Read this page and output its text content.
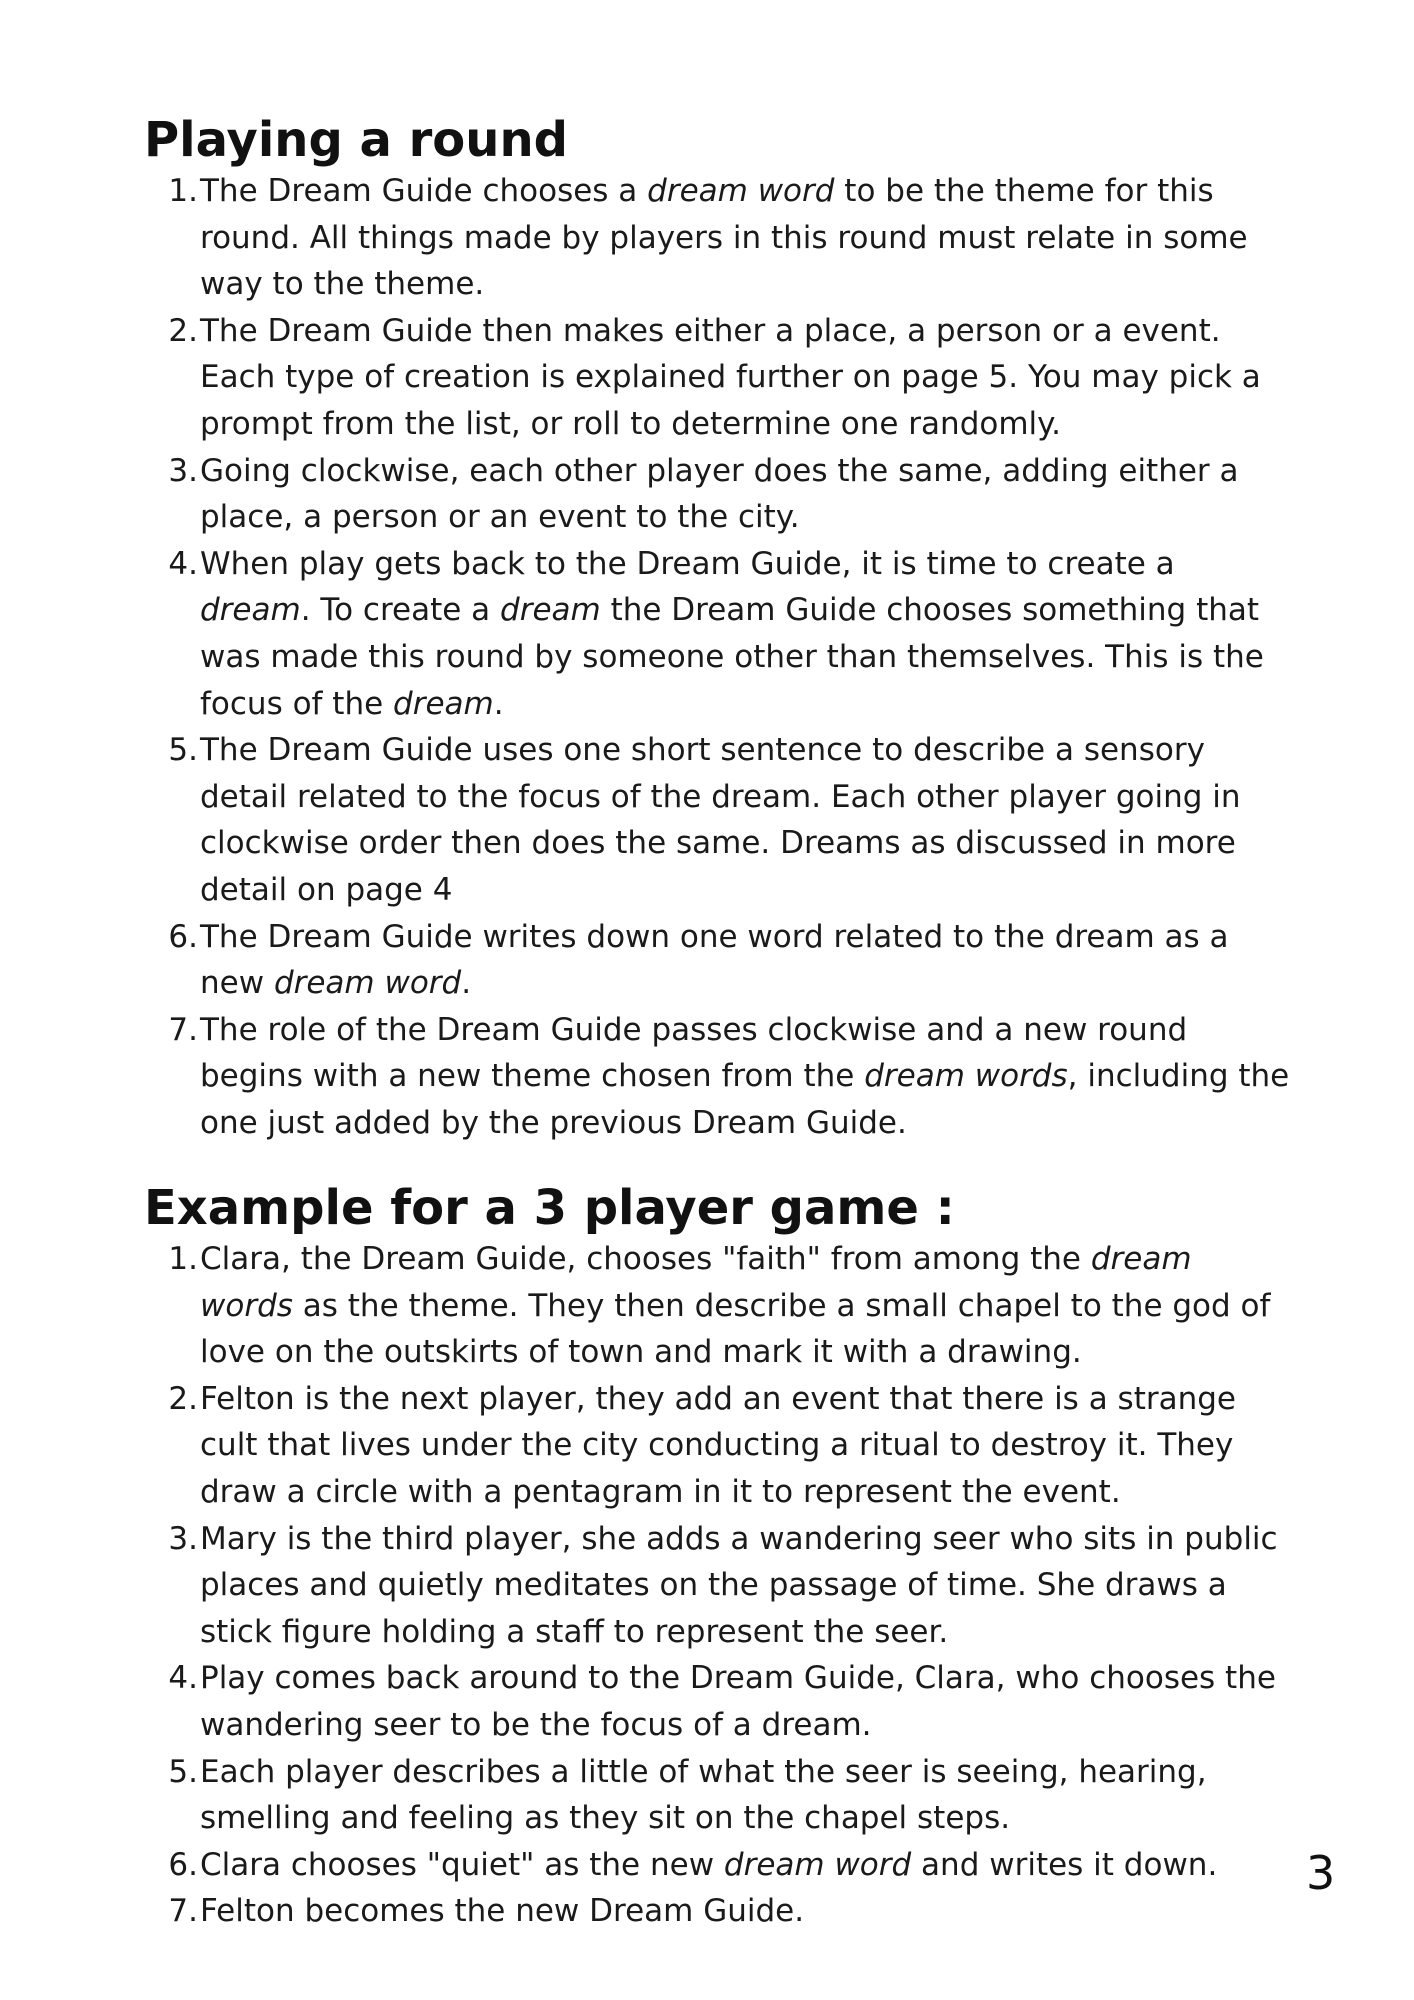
Playing a round
1. The Dream Guide chooses a dream word to be the theme for this round. All things made by players in this round must relate in some way to the theme.
2. The Dream Guide then makes either a place, a person or a event. Each type of creation is explained further on page 5. You may pick a prompt from the list, or roll to determine one randomly.
3. Going clockwise, each other player does the same, adding either a place, a person or an event to the city.
4. When play gets back to the Dream Guide, it is time to create a dream. To create a dream the Dream Guide chooses something that was made this round by someone other than themselves. This is the focus of the dream.
5. The Dream Guide uses one short sentence to describe a sensory detail related to the focus of the dream. Each other player going in clockwise order then does the same. Dreams as discussed in more detail on page 4
6. The Dream Guide writes down one word related to the dream as a new dream word.
7. The role of the Dream Guide passes clockwise and a new round begins with a new theme chosen from the dream words, including the one just added by the previous Dream Guide.
Example for a 3 player game :
1. Clara, the Dream Guide, chooses "faith" from among the dream words as the theme. They then describe a small chapel to the god of love on the outskirts of town and mark it with a drawing.
2. Felton is the next player, they add an event that there is a strange cult that lives under the city conducting a ritual to destroy it. They draw a circle with a pentagram in it to represent the event.
3. Mary is the third player, she adds a wandering seer who sits in public places and quietly meditates on the passage of time. She draws a stick figure holding a staff to represent the seer.
4. Play comes back around to the Dream Guide, Clara, who chooses the wandering seer to be the focus of a dream.
5. Each player describes a little of what the seer is seeing, hearing, smelling and feeling as they sit on the chapel steps.
6. Clara chooses "quiet" as the new dream word and writes it down.
7. Felton becomes the new Dream Guide.
3
